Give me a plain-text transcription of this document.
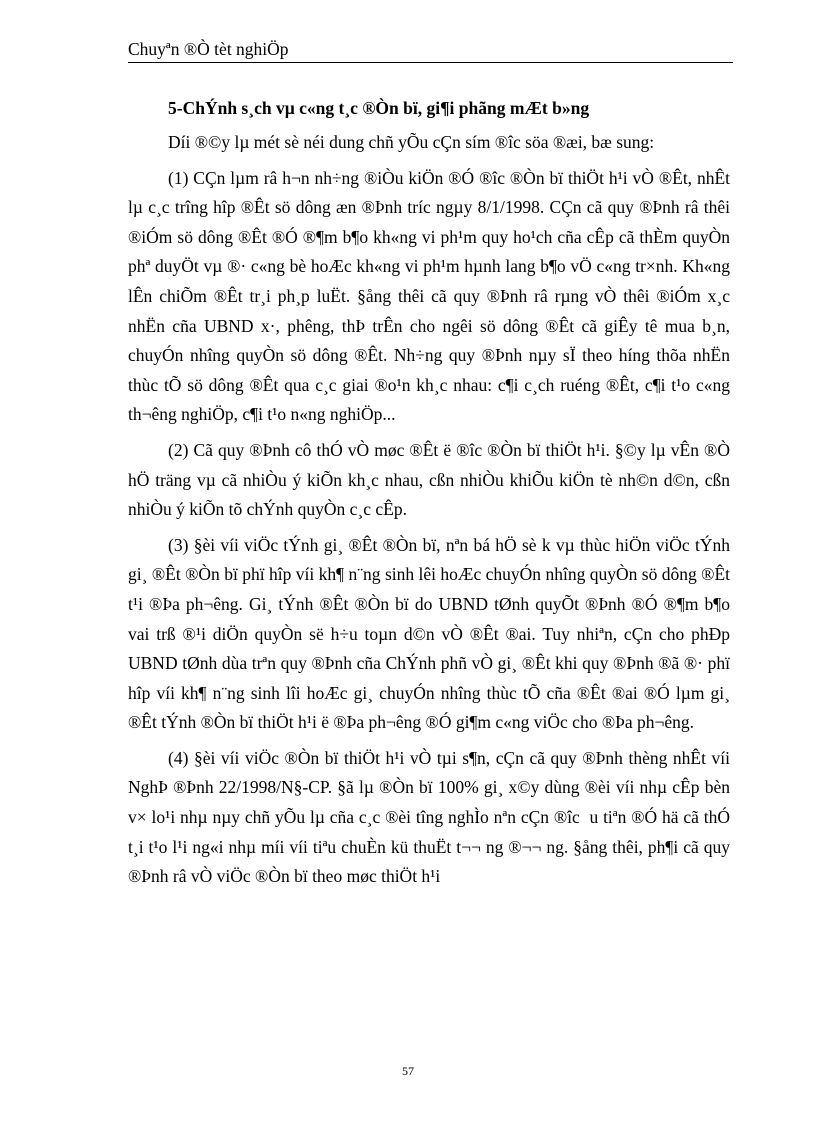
Chuyªn ®Ò tèt nghiÖp
5-ChÝnh s¸ch vµ c«ng t¸c ®Òn bï, gi¶i phãng mÆt b»ng

Díi ®©y lµ mét sè néi dung chñ yÕu cÇn sím ®îc söa ®æi, bæ sung:

(1) CÇn lµm râ h¬n nh÷ng ®iÒu kiÖn ®Ó ®îc ®Òn bï thiÖt h¹i vÒ ®Êt, nhÊt lµ c¸c trîng hîp ®Êt sö dông æn ®Þnh tríc ngµy 8/1/1998. CÇn cã quy ®Þnh râ thêi ®iÓm sö dông ®Êt ®Ó ®¶m b¶o kh«ng vi ph¹m quy ho¹ch cña cÊp cã thÈm quyÒn phª duyÖt vµ ®· c«ng bè hoÆc kh«ng vi ph¹m hµnh lang b¶o vÖ c«ng tr×nh. Kh«ng lÊn chiÕm ®Êt tr¸i ph¸p luËt. §ång thêi cã quy ®Þnh râ rµng vÒ thêi ®iÓm x¸c nhËn cña UBND x·, phêng, thÞ trÊn cho ngêi sö dông ®Êt cã giÊy tê mua b¸n, chuyÓn nhîng quyÒn sö dông ®Êt. Nh÷ng quy ®Þnh nµy sÏ theo híng thõa nhËn thùc tÕ sö dông ®Êt qua c¸c giai ®o¹n kh¸c nhau: c¶i c¸ch ruéng ®Êt, c¶i t¹o c«ng th¬êng nghiÖp, c¶i t¹o n«ng nghiÖp...

(2) Cã quy ®Þnh cô thÓ vÒ møc ®Êt ë ®îc ®Òn bï thiÖt h¹i. §©y lµ vÊn ®Ò hÖ träng vµ cã nhiÒu ý kiÕn kh¸c nhau, cßn nhiÒu khiÕu kiÖn tè nh©n d©n, cßn nhiÒu ý kiÕn tõ chÝnh quyÒn c¸c cÊp.

(3) §èi víi viÖc tÝnh gi¸ ®Êt ®Òn bï, nªn bá hÖ sè k vµ thùc hiÖn viÖc tÝnh gi¸ ®Êt ®Òn bï phï hîp víi kh¶ n¨ng sinh lêi hoÆc chuyÓn nhîng quyÒn sö dông ®Êt t¹i ®Þa ph¬êng. Gi¸ tÝnh ®Êt ®Òn bï do UBND tØnh quyÕt ®Þnh ®Ó ®¶m b¶o vai trß ®¹i diÖn quyÒn së h÷u toµn d©n vÒ ®Êt ®ai. Tuy nhiªn, cÇn cho phÐp UBND tØnh dùa trªn quy ®Þnh cña ChÝnh phñ vÒ gi¸ ®Êt khi quy ®Þnh ®ã ®· phï hîp víi kh¶ n¨ng sinh lîi hoÆc gi¸ chuyÓn nhîng thùc tÕ cña ®Êt ®ai ®Ó lµm gi¸ ®Êt tÝnh ®Òn bï thiÖt h¹i ë ®Þa ph¬êng ®Ó gi¶m c«ng viÖc cho ®Þa ph¬êng.

(4) §èi víi viÖc ®Òn bï thiÖt h¹i vÒ tµi s¶n, cÇn cã quy ®Þnh thèng nhÊt víi NghÞ ®Þnh 22/1998/N§-CP. §ã lµ ®Òn bï 100% gi¸ x©y dùng ®èi víi nhµ cÊp bèn v× lo¹i nhµ nµy chñ yÕu lµ cña c¸c ®èi tîng nghÌo nªn cÇn ®îc u tiªn ®Ó hä cã thÓ t¸i t¹o l¹i ng«i nhµ míi víi tiªu chuÈn kü thuËt t¬¬ ng ®¬¬ ng. §ång thêi, ph¶i cã quy ®Þnh râ vÒ viÖc ®Òn bï theo møc thiÖt h¹i

57
